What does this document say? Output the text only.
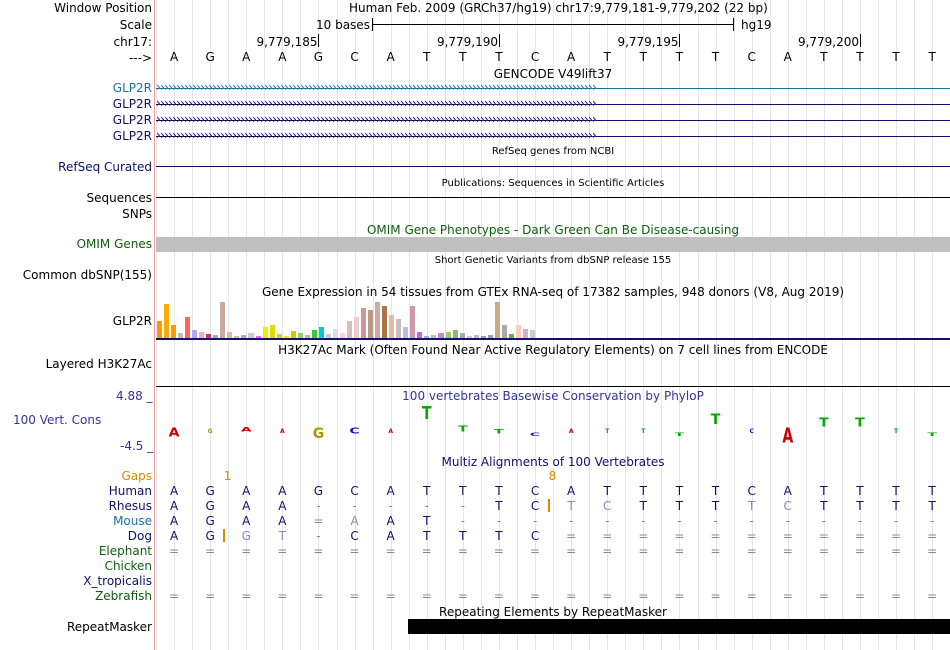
Window Position
Scale
chr17:
--->
Human Feb. 2009 (GRCh37/hg19) chr17:9,779,181-9,779,202 (22 bp)
10 bases	hg19
9,779,185	9,779,190	9,779,195	9,779,200
A G A A G C A T T T C A T T T T C A T T T T
GENCODE V49lift37
GLP2R ››››››››››››››››››››››››››››››››››››››››››››››››››››››››››››››››››››››››››››››››››››››››››››››››››››››››››››››
GLP2R ››››››››››››››››››››››››››››››››››››››››››››››››››››››››››››››››››››››››››››››››››››››››››››››››››››››››››››››
GLP2R ››››››››››››››››››››››››››››››››››››››››››››››››››››››››››››››››››››››››››››››››››››››››››››››››››››››››››››››
GLP2R ››››››››››››››››››››››››››››››››››››››››››››››››››››››››››››››››››››››››››››››››››››››››››››››››››››››››››››››
RefSeq genes from NCBI
RefSeq Curated
Publications: Sequences in Scientific Articles
Sequences
SNPs
OMIM Gene Phenotypes - Dark Green Can Be Disease-causing
OMIM Genes
Short Genetic Variants from dbSNP release 155
Common dbSNP(155)
Gene Expression in 54 tissues from GTEx RNA-seq of 17382 samples, 948 donors (V8, Aug 2019)
GLP2R
H3K27Ac Mark (Often Found Near Active Regulatory Elements) on 7 cell lines from ENCODE
Layered H3K27Ac
100 vertebrates Basewise Conservation by PhyloP
4.88 _
100 Vert. Cons
-4.5 _
A	G	A	A	G	C	A
T
T	T	C	A	T	T	T
T
C	A
T	T
T	T
Multiz Alignments of 100 Vertebrates
Gaps	1	8
Human A G A A G C A T T T C A T T T T C A T T T T
Rhesus A G A A	-	-	-	-	-	T C T C T T T T C T T T T
Mouse A G A A = A A T	-	-	-	-	-	-	-	-	-	-	-	-	-	-
Dog A G G T	-	C A T T T C = = = = = = = = = = =
Elephant = = = = = = = = = = = = = = = = = = = = = =
Chicken
X_tropicalis
Zebrafish = = = = = = = = = = = = = = = = = = = = = =
Repeating Elements by RepeatMasker
RepeatMasker
